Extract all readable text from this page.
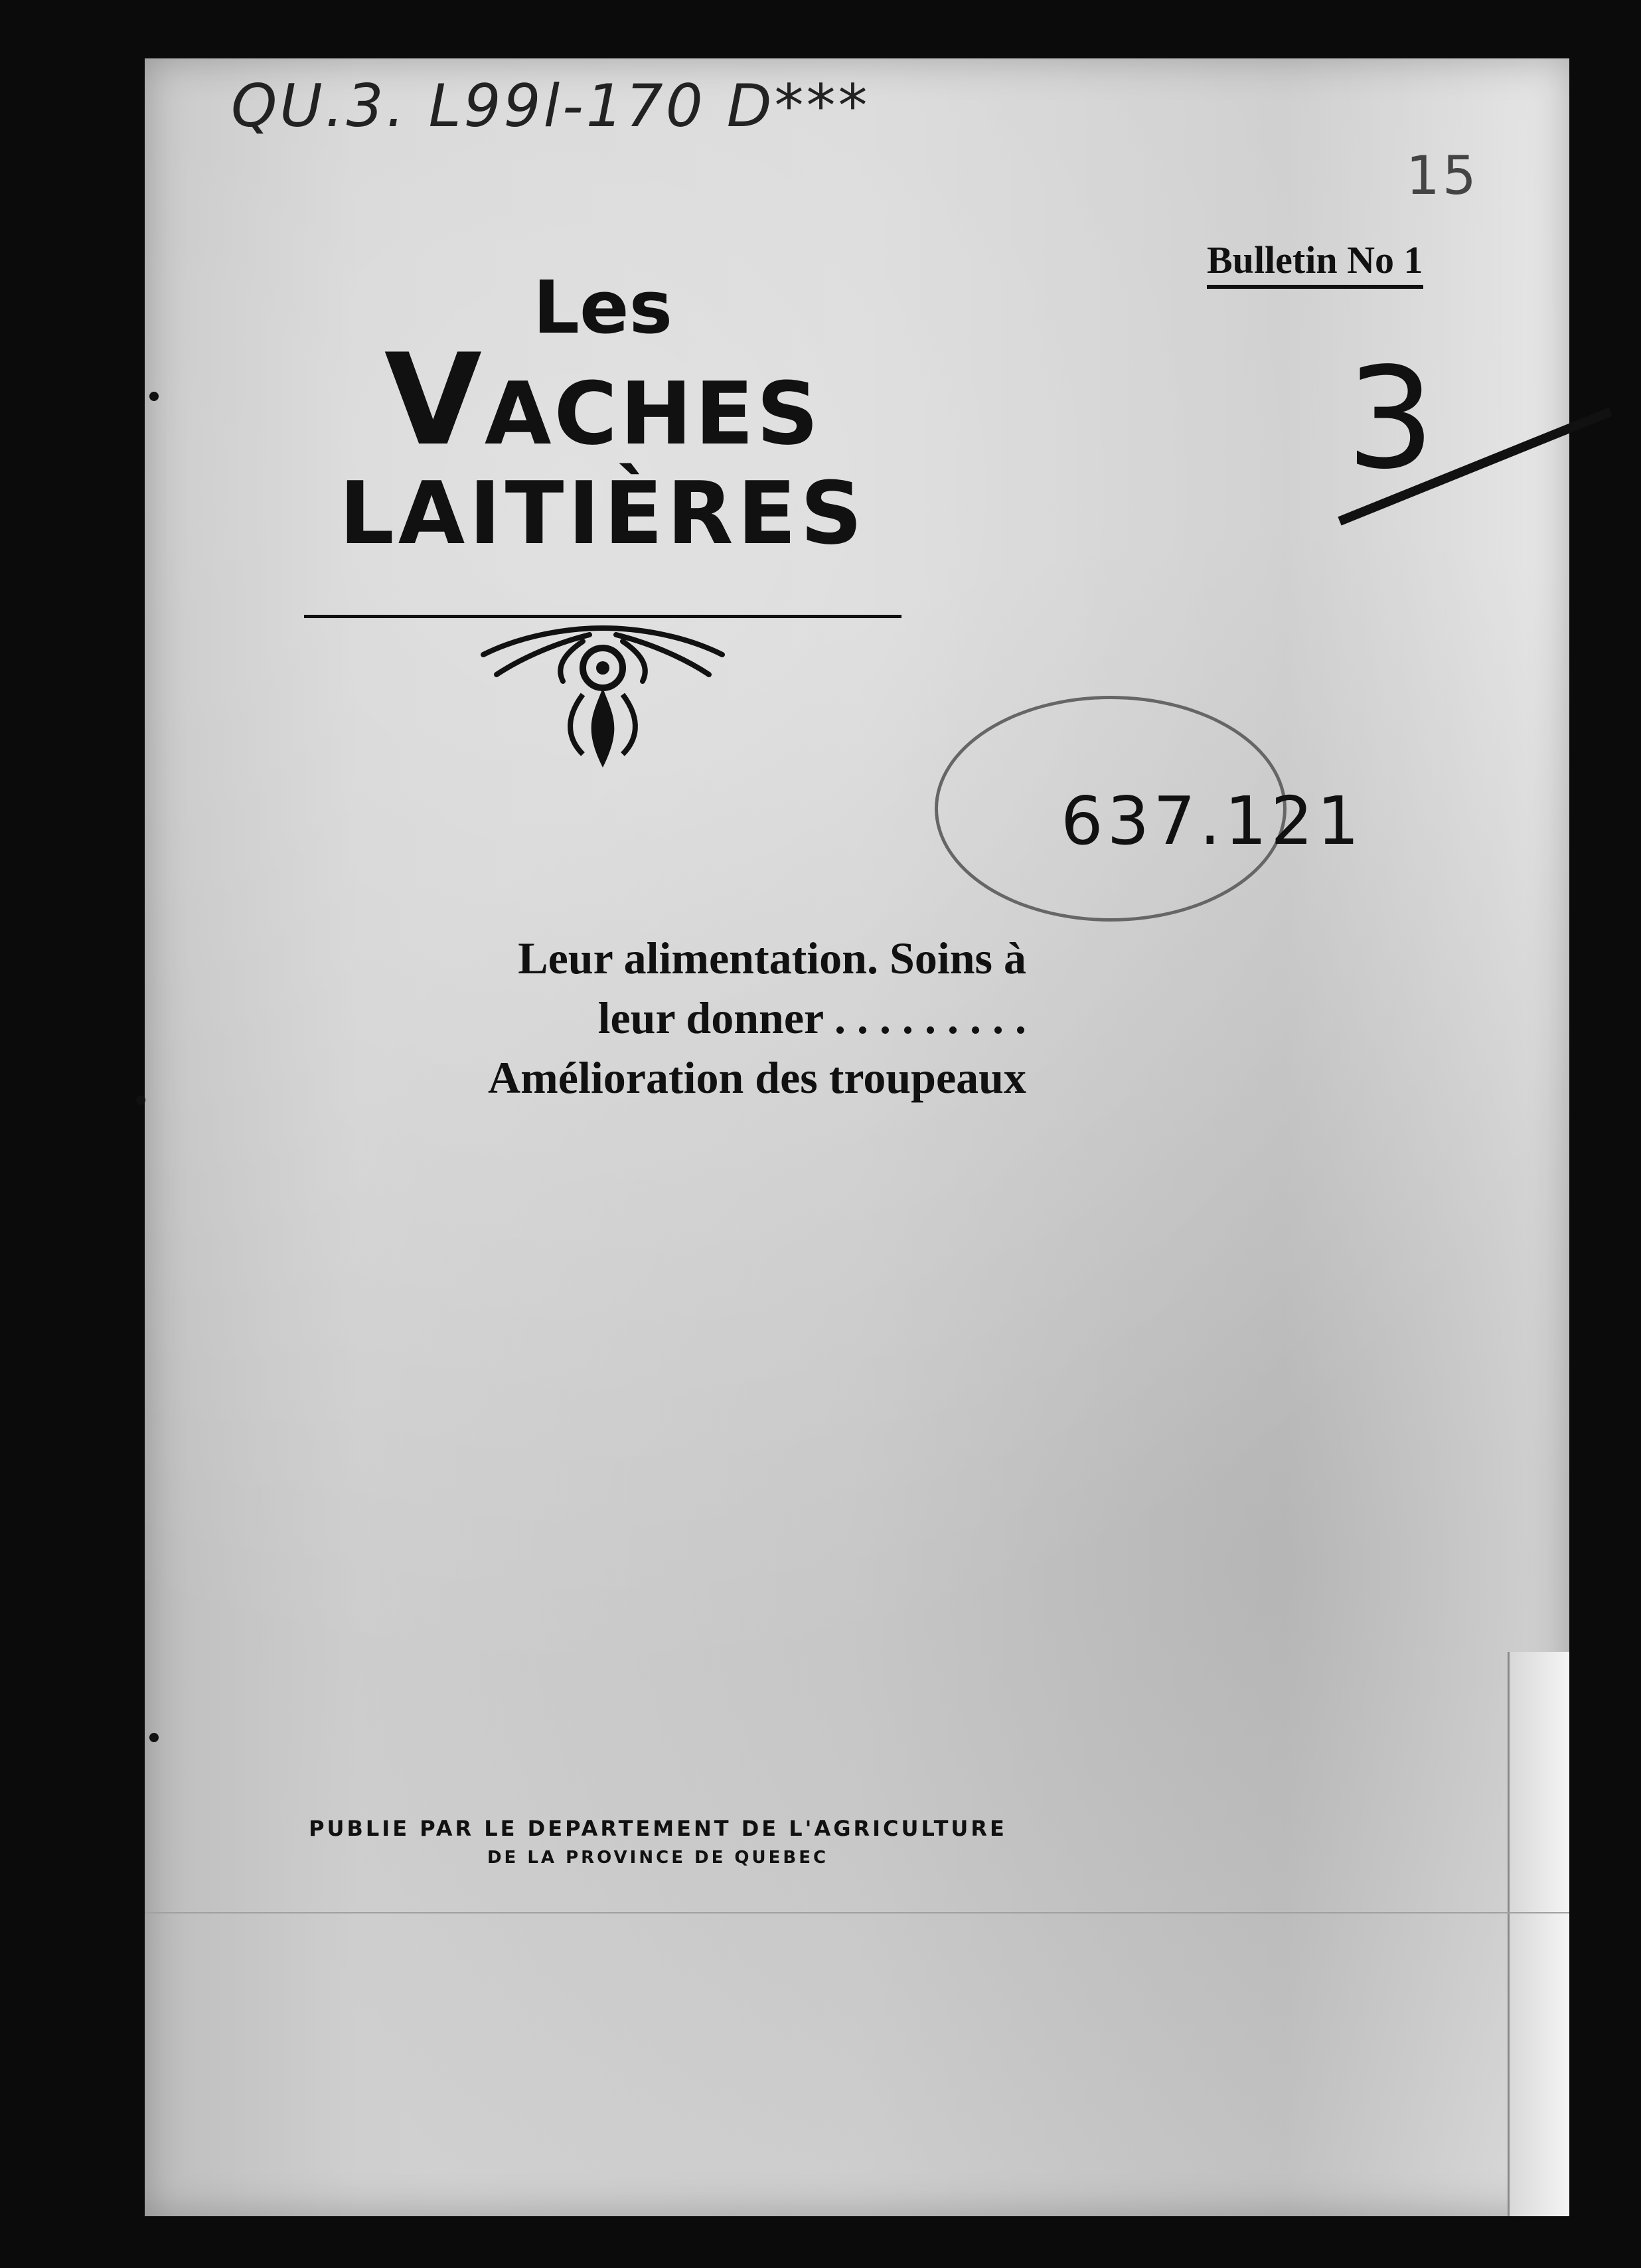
QU.3. L99l-170 D***
15
Bulletin No 1
3
Les
VACHES
LAITIÈRES
637.121
Leur alimentation. Soins à
leur donner . . . . . . . . .
Amélioration des troupeaux
PUBLIE PAR LE DEPARTEMENT DE L'AGRICULTURE
DE LA PROVINCE DE QUEBEC
